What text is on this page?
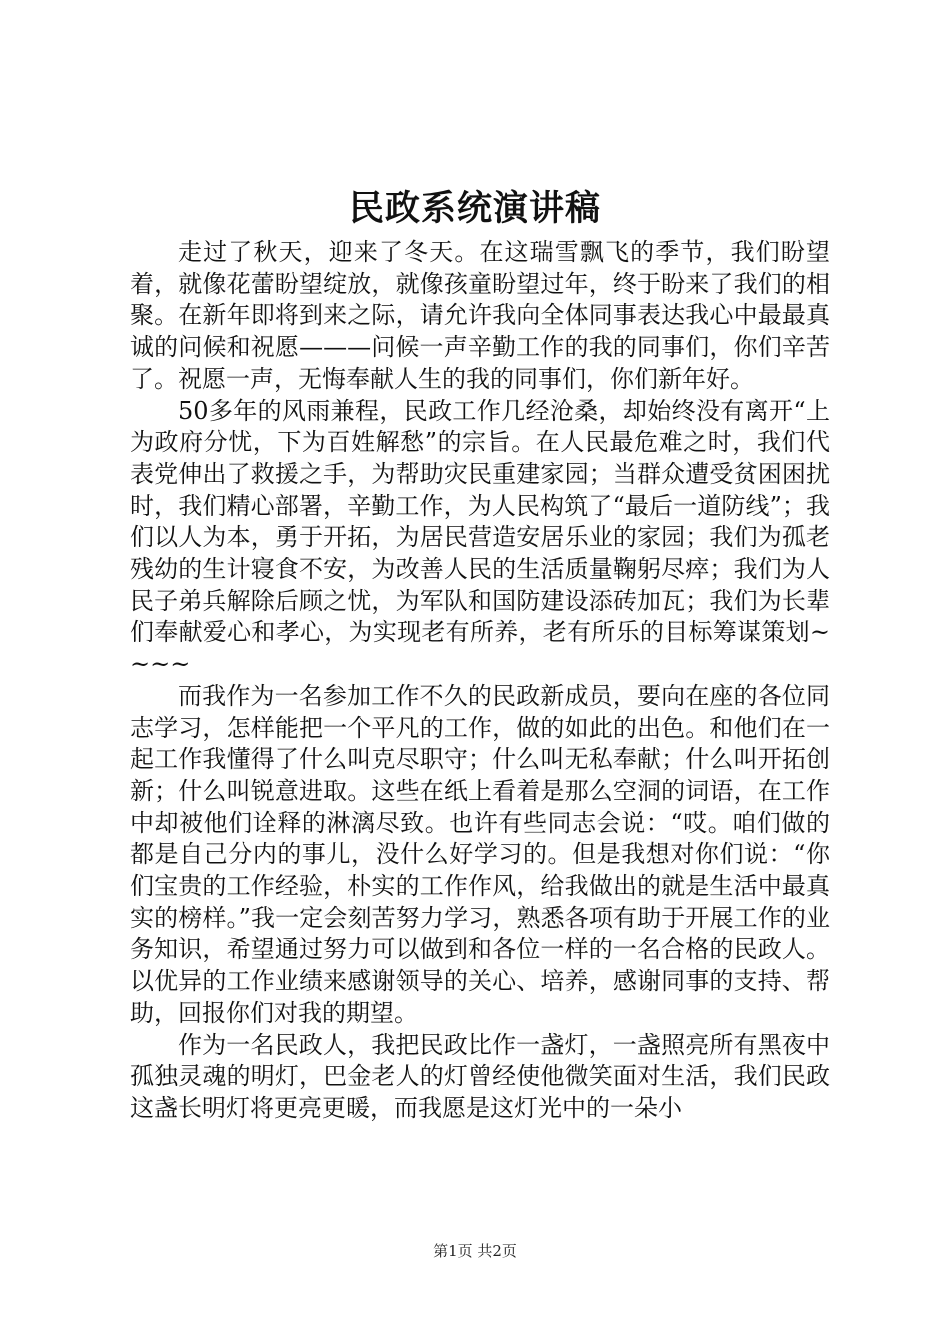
民政系统演讲稿

走过了秋天，迎来了冬天。在这瑞雪飘飞的季节，我们盼望着，就像花蕾盼望绽放，就像孩童盼望过年，终于盼来了我们的相聚。在新年即将到来之际，请允许我向全体同事表达我心中最最真诚的问候和祝愿———问候一声辛勤工作的我的同事们，你们辛苦了。祝愿一声，无悔奉献人生的我的同事们，你们新年好。

50多年的风雨兼程，民政工作几经沧桑，却始终没有离开“上为政府分忧，下为百姓解愁”的宗旨。在人民最危难之时，我们代表党伸出了救援之手，为帮助灾民重建家园；当群众遭受贫困困扰时，我们精心部署，辛勤工作，为人民构筑了“最后一道防线”；我们以人为本，勇于开拓，为居民营造安居乐业的家园；我们为孤老残幼的生计寝食不安，为改善人民的生活质量鞠躬尽瘁；我们为人民子弟兵解除后顾之忧，为军队和国防建设添砖加瓦；我们为长辈们奉献爱心和孝心，为实现老有所养，老有所乐的目标筹谋策划~~~~

而我作为一名参加工作不久的民政新成员，要向在座的各位同志学习，怎样能把一个平凡的工作，做的如此的出色。和他们在一起工作我懂得了什么叫克尽职守；什么叫无私奉献；什么叫开拓创新；什么叫锐意进取。这些在纸上看着是那么空洞的词语，在工作中却被他们诠释的淋漓尽致。也许有些同志会说：“哎。咱们做的都是自己分内的事儿，没什么好学习的。但是我想对你们说：“你们宝贵的工作经验，朴实的工作作风，给我做出的就是生活中最真实的榜样。”我一定会刻苦努力学习，熟悉各项有助于开展工作的业务知识，希望通过努力可以做到和各位一样的一名合格的民政人。以优异的工作业绩来感谢领导的关心、培养，感谢同事的支持、帮助，回报你们对我的期望。

作为一名民政人，我把民政比作一盏灯，一盏照亮所有黑夜中孤独灵魂的明灯，巴金老人的灯曾经使他微笑面对生活，我们民政这盏长明灯将更亮更暖，而我愿是这灯光中的一朵小

第1页 共2页
